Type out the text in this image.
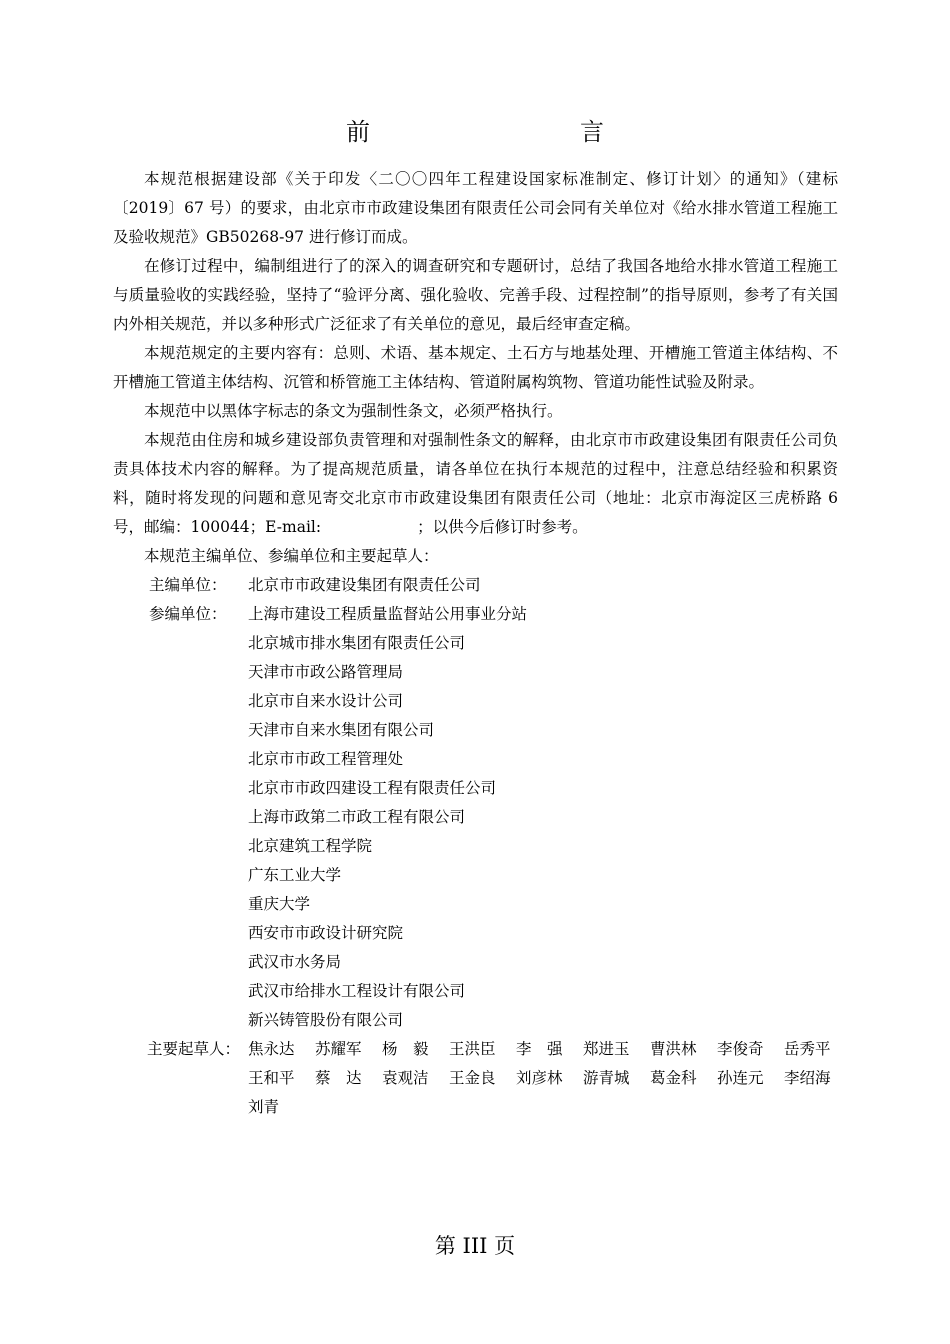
前　　言

本规范根据建设部《关于印发〈二〇〇四年工程建设国家标准制定、修订计划〉的通知》（建标〔2019〕67 号）的要求，由北京市市政建设集团有限责任公司会同有关单位对《给水排水管道工程施工及验收规范》GB50268-97 进行修订而成。

在修订过程中，编制组进行了的深入的调查研究和专题研讨，总结了我国各地给水排水管道工程施工与质量验收的实践经验，坚持了“验评分离、强化验收、完善手段、过程控制”的指导原则，参考了有关国内外相关规范，并以多种形式广泛征求了有关单位的意见，最后经审查定稿。

本规范规定的主要内容有：总则、术语、基本规定、土石方与地基处理、开槽施工管道主体结构、不开槽施工管道主体结构、沉管和桥管施工主体结构、管道附属构筑物、管道功能性试验及附录。

本规范中以黑体字标志的条文为强制性条文，必须严格执行。

本规范由住房和城乡建设部负责管理和对强制性条文的解释，由北京市市政建设集团有限责任公司负责具体技术内容的解释。为了提高规范质量，请各单位在执行本规范的过程中，注意总结经验和积累资料，随时将发现的问题和意见寄交北京市市政建设集团有限责任公司（地址：北京市海淀区三虎桥路 6 号，邮编：100044；E-mail:	；以供今后修订时参考。

本规范主编单位、参编单位和主要起草人：

主编单位：	北京市市政建设集团有限责任公司
参编单位：	上海市建设工程质量监督站公用事业分站
北京城市排水集团有限责任公司
天津市市政公路管理局
北京市自来水设计公司
天津市自来水集团有限公司
北京市市政工程管理处
北京市市政四建设工程有限责任公司
上海市政第二市政工程有限公司
北京建筑工程学院
广东工业大学
重庆大学
西安市市政设计研究院
武汉市水务局
武汉市给排水工程设计有限公司
新兴铸管股份有限公司
主要起草人： 焦永达	苏耀军	杨　毅	王洪臣	李　强	郑进玉	曹洪林	李俊奇	岳秀平
王和平	蔡　达	袁观洁	王金良	刘彦林	游青城	葛金科	孙连元	李绍海
刘青
第 III 页
